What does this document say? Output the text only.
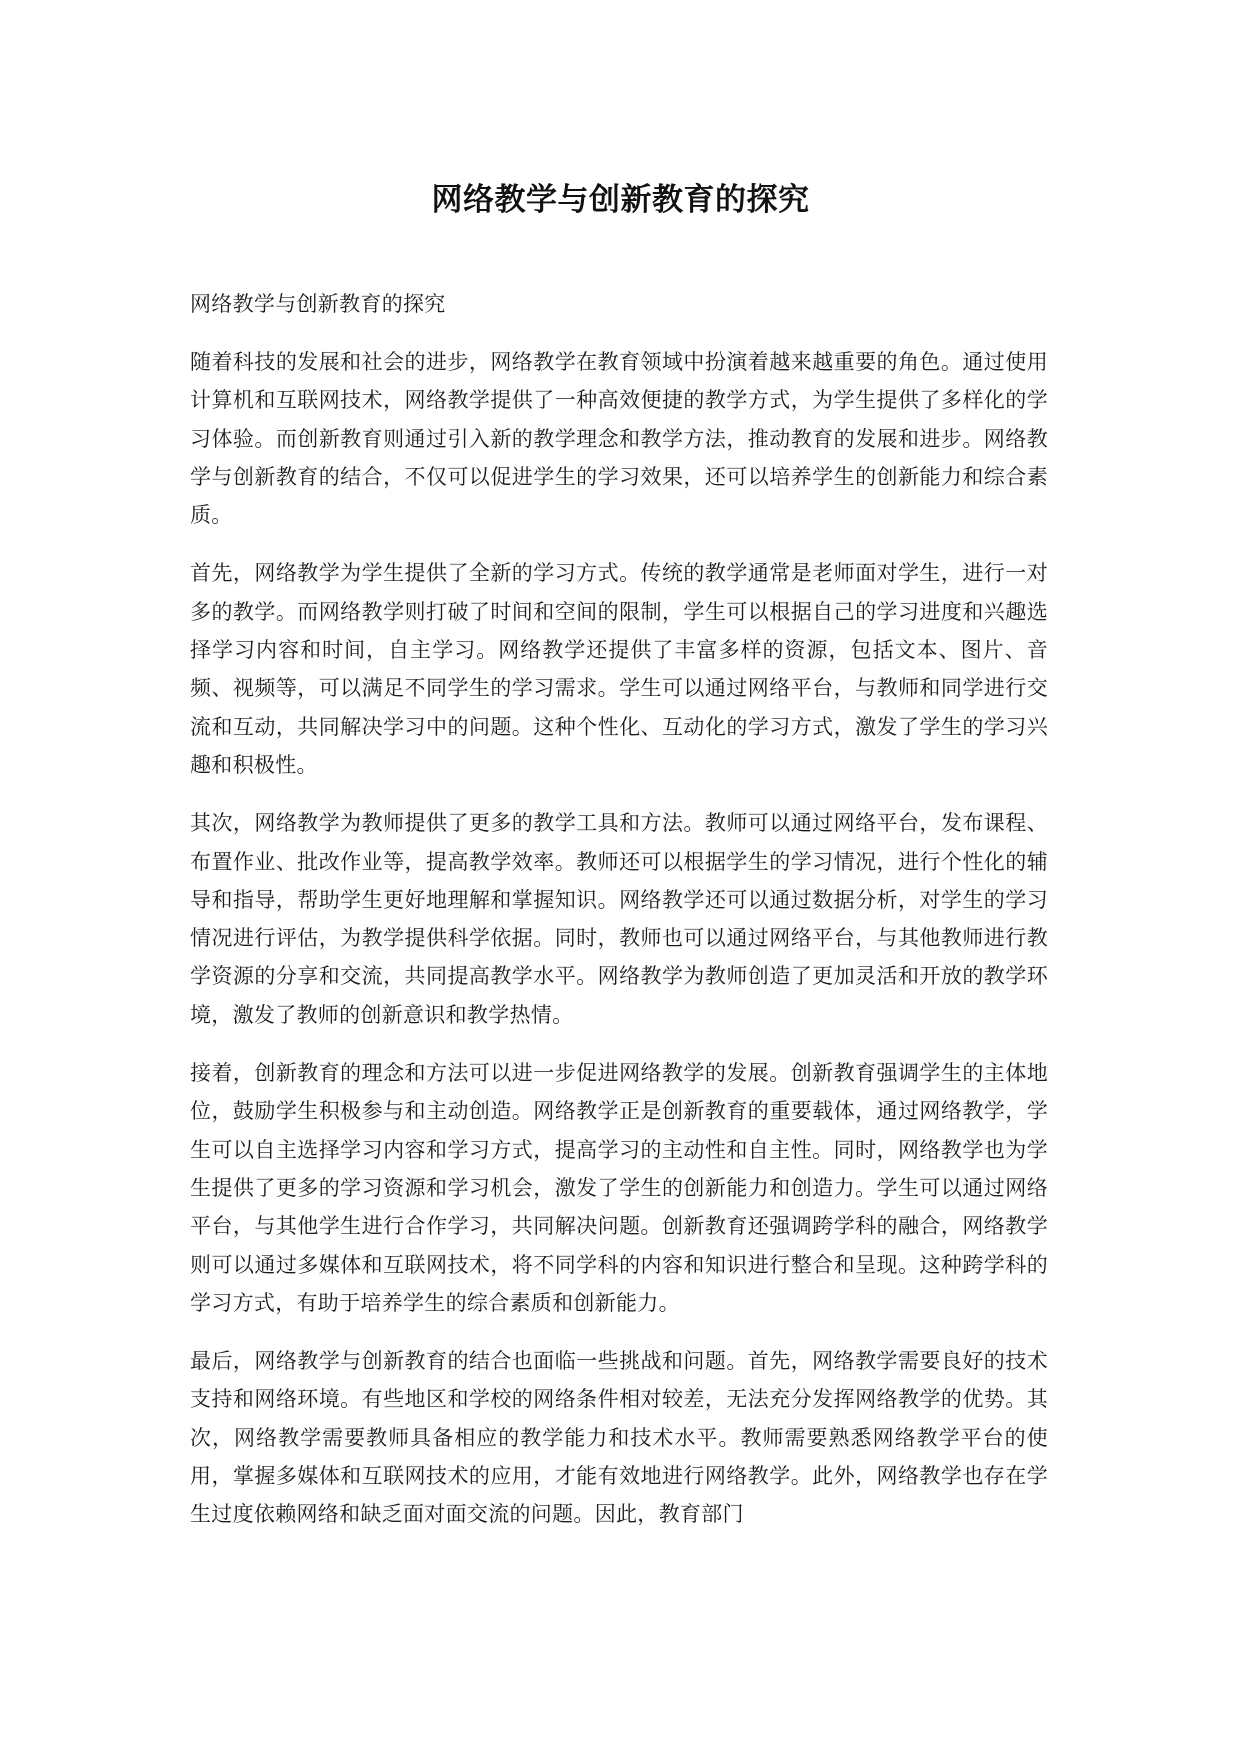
网络教学与创新教育的探究

网络教学与创新教育的探究

随着科技的发展和社会的进步，网络教学在教育领域中扮演着越来越重要的角色。通过使用计算机和互联网技术，网络教学提供了一种高效便捷的教学方式，为学生提供了多样化的学习体验。而创新教育则通过引入新的教学理念和教学方法，推动教育的发展和进步。网络教学与创新教育的结合，不仅可以促进学生的学习效果，还可以培养学生的创新能力和综合素质。

首先，网络教学为学生提供了全新的学习方式。传统的教学通常是老师面对学生，进行一对多的教学。而网络教学则打破了时间和空间的限制，学生可以根据自己的学习进度和兴趣选择学习内容和时间，自主学习。网络教学还提供了丰富多样的资源，包括文本、图片、音频、视频等，可以满足不同学生的学习需求。学生可以通过网络平台，与教师和同学进行交流和互动，共同解决学习中的问题。这种个性化、互动化的学习方式，激发了学生的学习兴趣和积极性。

其次，网络教学为教师提供了更多的教学工具和方法。教师可以通过网络平台，发布课程、布置作业、批改作业等，提高教学效率。教师还可以根据学生的学习情况，进行个性化的辅导和指导，帮助学生更好地理解和掌握知识。网络教学还可以通过数据分析，对学生的学习情况进行评估，为教学提供科学依据。同时，教师也可以通过网络平台，与其他教师进行教学资源的分享和交流，共同提高教学水平。网络教学为教师创造了更加灵活和开放的教学环境，激发了教师的创新意识和教学热情。

接着，创新教育的理念和方法可以进一步促进网络教学的发展。创新教育强调学生的主体地位，鼓励学生积极参与和主动创造。网络教学正是创新教育的重要载体，通过网络教学，学生可以自主选择学习内容和学习方式，提高学习的主动性和自主性。同时，网络教学也为学生提供了更多的学习资源和学习机会，激发了学生的创新能力和创造力。学生可以通过网络平台，与其他学生进行合作学习，共同解决问题。创新教育还强调跨学科的融合，网络教学则可以通过多媒体和互联网技术，将不同学科的内容和知识进行整合和呈现。这种跨学科的学习方式，有助于培养学生的综合素质和创新能力。

最后，网络教学与创新教育的结合也面临一些挑战和问题。首先，网络教学需要良好的技术支持和网络环境。有些地区和学校的网络条件相对较差，无法充分发挥网络教学的优势。其次，网络教学需要教师具备相应的教学能力和技术水平。教师需要熟悉网络教学平台的使用，掌握多媒体和互联网技术的应用，才能有效地进行网络教学。此外，网络教学也存在学生过度依赖网络和缺乏面对面交流的问题。因此，教育部门
